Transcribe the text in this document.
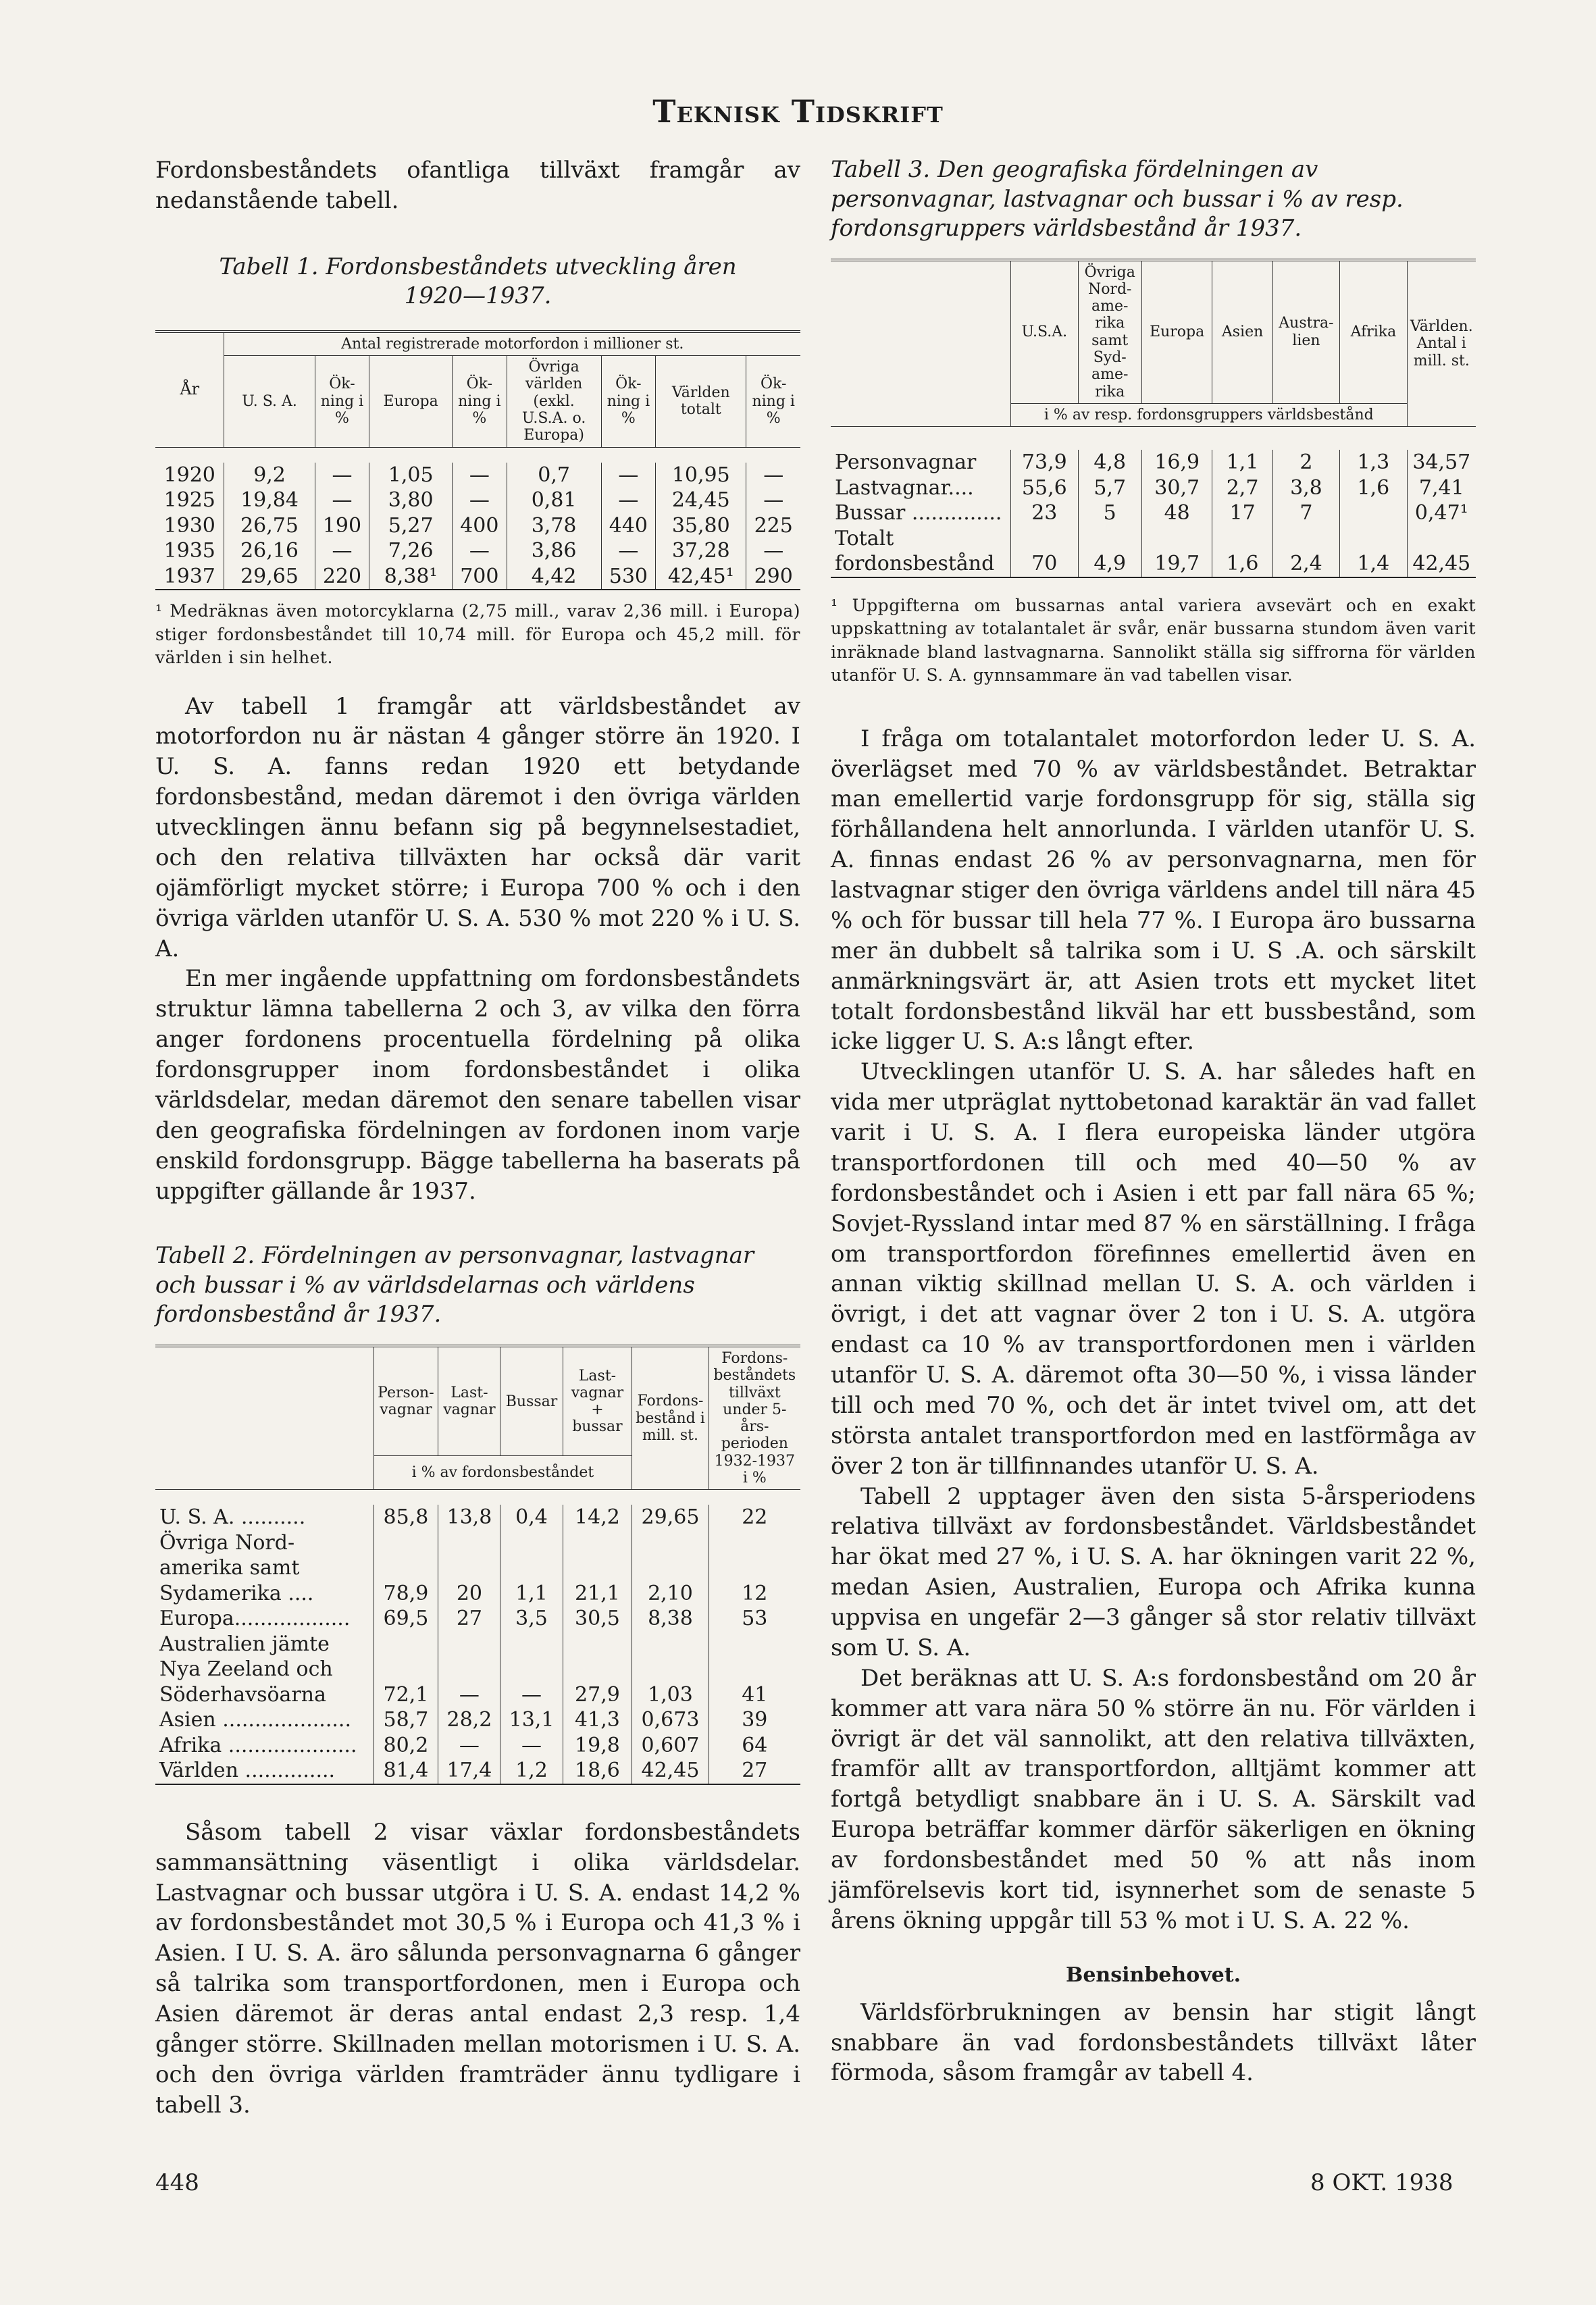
Teknisk Tidskrift

Fordonsbeståndets ofantliga tillväxt framgår av nedanstående tabell.

Tabell 1. Fordonsbeståndets utveckling åren 1920—1937.

År	Antal registrerade motorfordon i millioner st.							
	U. S. A.	Ök-ning i %	Europa	Ök-ning i %	Övriga världen (exkl. U.S.A. o. Europa)	Ök-ning i %	Världen totalt	Ök-ning i %

1920	9,2	—	1,05	—	0,7	—	10,95	—
1925	19,84	—	3,80	—	0,81	—	24,45	—
1930	26,75	190	5,27	400	3,78	440	35,80	225
1935	26,16	—	7,26	—	3,86	—	37,28	—
1937	29,65	220	8,38¹	700	4,42	530	42,45¹	290

¹ Medräknas även motorcyklarna (2,75 mill., varav 2,36 mill. i Europa) stiger fordonsbeståndet till 10,74 mill. för Europa och 45,2 mill. för världen i sin helhet.

Av tabell 1 framgår att världsbeståndet av motorfordon nu är nästan 4 gånger större än 1920. I U. S. A. fanns redan 1920 ett betydande fordonsbestånd, medan däremot i den övriga världen utvecklingen ännu befann sig på begynnelsestadiet, och den relativa tillväxten har också där varit ojämförligt mycket större; i Europa 700 % och i den övriga världen utanför U. S. A. 530 % mot 220 % i U. S. A.

En mer ingående uppfattning om fordonsbeståndets struktur lämna tabellerna 2 och 3, av vilka den förra anger fordonens procentuella fördelning på olika fordonsgrupper inom fordonsbeståndet i olika världsdelar, medan däremot den senare tabellen visar den geografiska fördelningen av fordonen inom varje enskild fordonsgrupp. Bägge tabellerna ha baserats på uppgifter gällande år 1937.

Tabell 2. Fördelningen av personvagnar, lastvagnar och bussar i % av världsdelarnas och världens fordonsbestånd år 1937.

	Person-vagnar	Last-vagnar	Bussar	Last-vagnar + bussar	Fordons-bestånd i mill. st.	Fordons-beståndets tillväxt under 5-års-perioden 1932-1937 i %
	i % av fordonsbeståndet					

U. S. A. ..........	85,8	13,8	0,4	14,2	29,65	22
Övriga Nord-amerika samt Sydamerika ....	78,9	20	1,1	21,1	2,10	12
Europa..................	69,5	27	3,5	30,5	8,38	53
Australien jämte Nya Zeeland och Söderhavsöarna	72,1	—	—	27,9	1,03	41
Asien ....................	58,7	28,2	13,1	41,3	0,673	39
Afrika ....................	80,2	—	—	19,8	0,607	64
Världen ..............	81,4	17,4	1,2	18,6	42,45	27

Såsom tabell 2 visar växlar fordonsbeståndets sammansättning väsentligt i olika världsdelar. Lastvagnar och bussar utgöra i U. S. A. endast 14,2 % av fordonsbeståndet mot 30,5 % i Europa och 41,3 % i Asien. I U. S. A. äro sålunda personvagnarna 6 gånger så talrika som transportfordonen, men i Europa och Asien däremot är deras antal endast 2,3 resp. 1,4 gånger större. Skillnaden mellan motorismen i U. S. A. och den övriga världen framträder ännu tydligare i tabell 3.

Tabell 3. Den geografiska fördelningen av personvagnar, lastvagnar och bussar i % av resp. fordonsgruppers världsbestånd år 1937.

	U.S.A.	Övriga Nord-ame-rika samt Syd-ame-rika	Europa	Asien	Austra-lien	Afrika	Världen. Antal i mill. st.
	i % av resp. fordonsgruppers världsbestånd						

Personvagnar	73,9	4,8	16,9	1,1	2	1,3	34,57
Lastvagnar....	55,6	5,7	30,7	2,7	3,8	1,6	7,41
Bussar ..............	23	5	48	17	7		0,47¹
Totalt fordonsbestånd	70	4,9	19,7	1,6	2,4	1,4	42,45

¹ Uppgifterna om bussarnas antal variera avsevärt och en exakt uppskattning av totalantalet är svår, enär bussarna stundom även varit inräknade bland lastvagnarna. Sannolikt ställa sig siffrorna för världen utanför U. S. A. gynnsammare än vad tabellen visar.

I fråga om totalantalet motorfordon leder U. S. A. överlägset med 70 % av världsbeståndet. Betraktar man emellertid varje fordonsgrupp för sig, ställa sig förhållandena helt annorlunda. I världen utanför U. S. A. finnas endast 26 % av personvagnarna, men för lastvagnar stiger den övriga världens andel till nära 45 % och för bussar till hela 77 %. I Europa äro bussarna mer än dubbelt så talrika som i U. S .A. och särskilt anmärkningsvärt är, att Asien trots ett mycket litet totalt fordonsbestånd likväl har ett bussbestånd, som icke ligger U. S. A:s långt efter.

Utvecklingen utanför U. S. A. har således haft en vida mer utpräglat nyttobetonad karaktär än vad fallet varit i U. S. A. I flera europeiska länder utgöra transportfordonen till och med 40—50 % av fordonsbeståndet och i Asien i ett par fall nära 65 %; Sovjet-Ryssland intar med 87 % en särställning. I fråga om transportfordon förefinnes emellertid även en annan viktig skillnad mellan U. S. A. och världen i övrigt, i det att vagnar över 2 ton i U. S. A. utgöra endast ca 10 % av transportfordonen men i världen utanför U. S. A. däremot ofta 30—50 %, i vissa länder till och med 70 %, och det är intet tvivel om, att det största antalet transportfordon med en lastförmåga av över 2 ton är tillfinnandes utanför U. S. A.

Tabell 2 upptager även den sista 5-årsperiodens relativa tillväxt av fordonsbeståndet. Världsbeståndet har ökat med 27 %, i U. S. A. har ökningen varit 22 %, medan Asien, Australien, Europa och Afrika kunna uppvisa en ungefär 2—3 gånger så stor relativ tillväxt som U. S. A.

Det beräknas att U. S. A:s fordonsbestånd om 20 år kommer att vara nära 50 % större än nu. För världen i övrigt är det väl sannolikt, att den relativa tillväxten, framför allt av transportfordon, alltjämt kommer att fortgå betydligt snabbare än i U. S. A. Särskilt vad Europa beträffar kommer därför säkerligen en ökning av fordonsbeståndet med 50 % att nås inom jämförelsevis kort tid, isynnerhet som de senaste 5 årens ökning uppgår till 53 % mot i U. S. A. 22 %.

Bensinbehovet.

Världsförbrukningen av bensin har stigit långt snabbare än vad fordonsbeståndets tillväxt låter förmoda, såsom framgår av tabell 4.

448	8 OKT. 1938
